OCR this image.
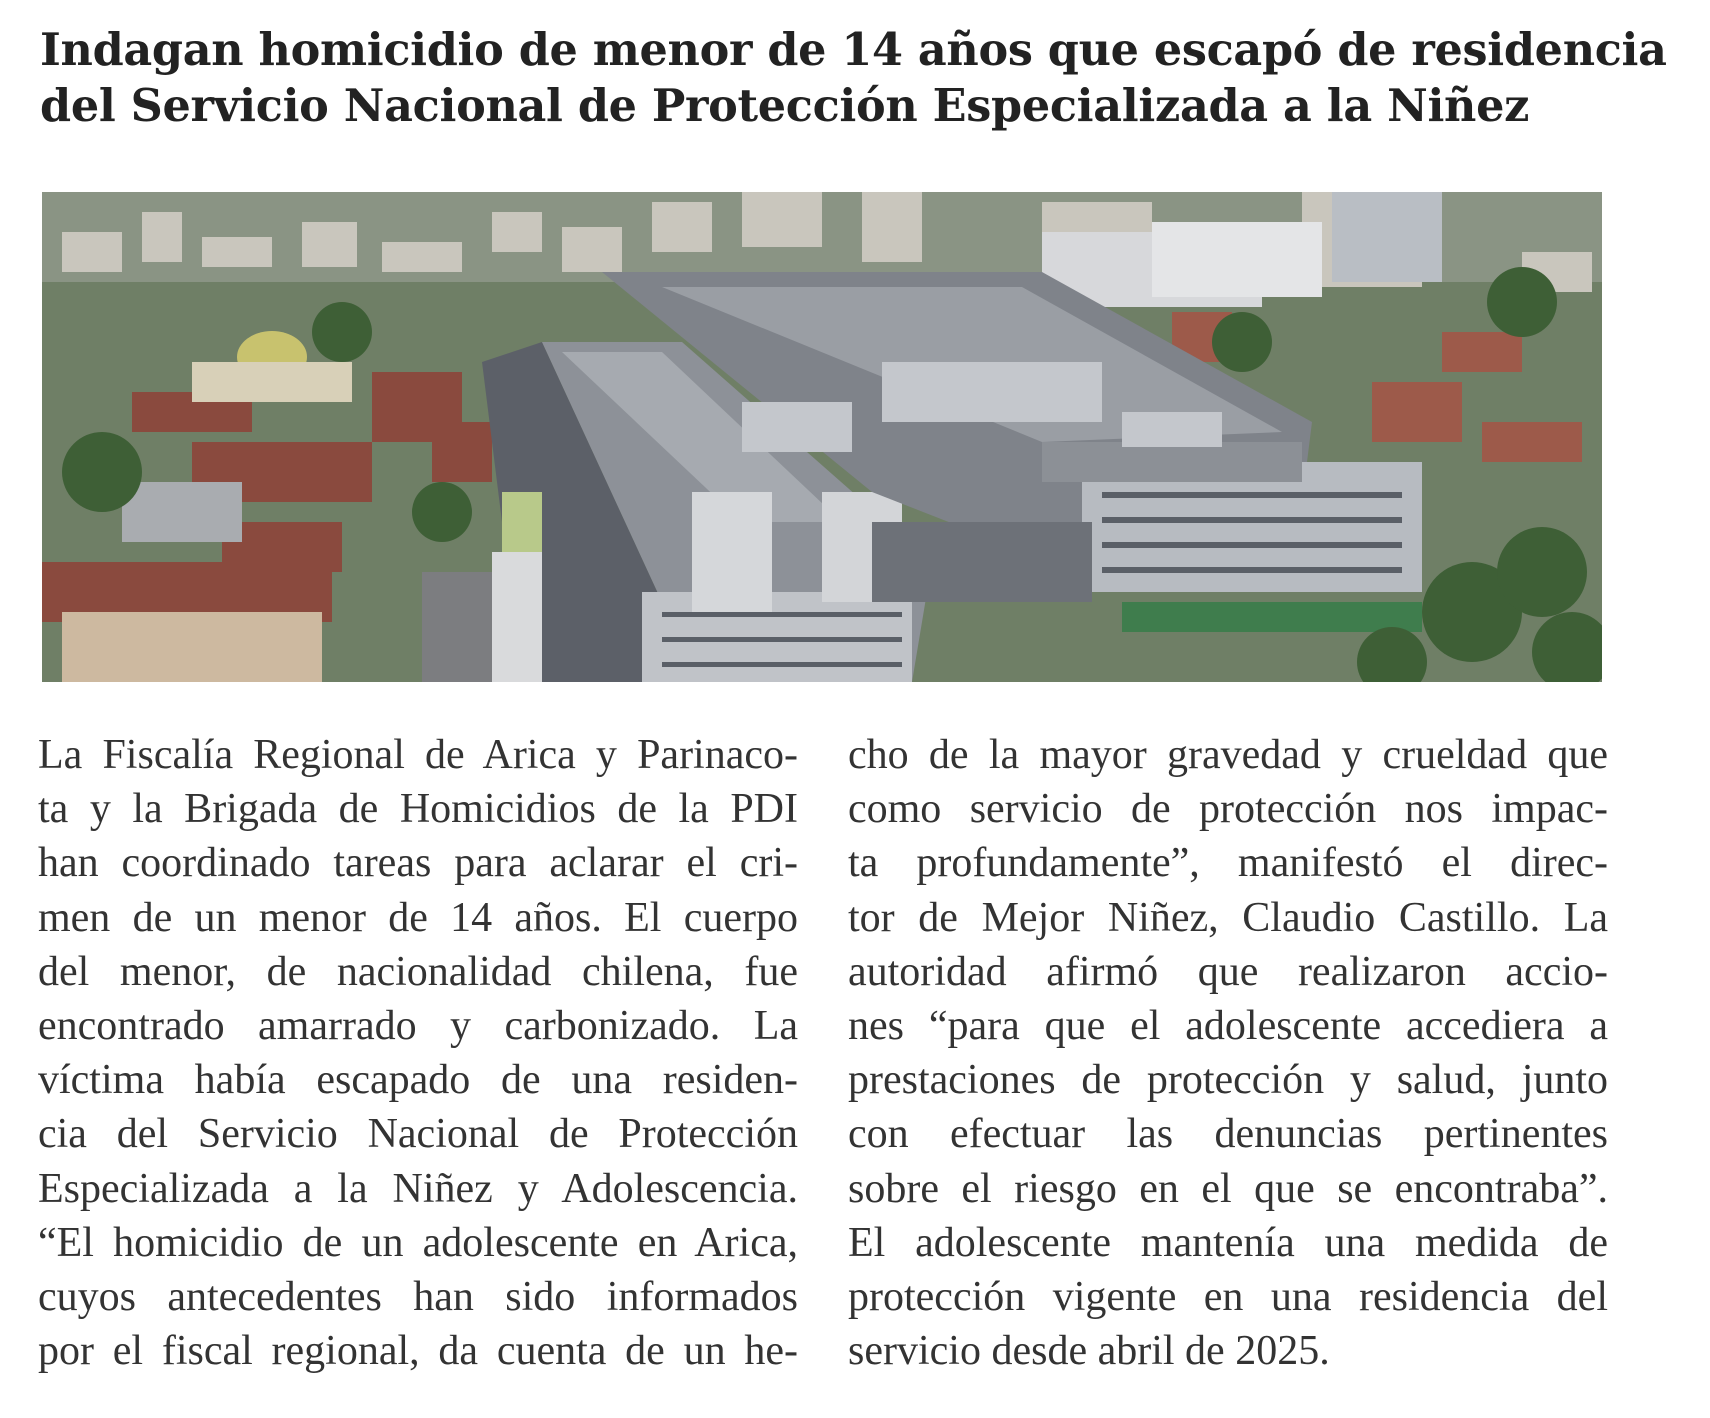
Indagan homicidio de menor de 14 años que escapó de residencia
del Servicio Nacional de Protección Especializada a la Niñez
La Fiscalía Regional de Arica y Parinaco-
ta y la Brigada de Homicidios de la PDI
han coordinado tareas para aclarar el cri-
men de un menor de 14 años. El cuerpo
del menor, de nacionalidad chilena, fue
encontrado amarrado y carbonizado. La
víctima había escapado de una residen-
cia del Servicio Nacional de Protección
Especializada a la Niñez y Adolescencia.
“El homicidio de un adolescente en Arica,
cuyos antecedentes han sido informados
por el fiscal regional, da cuenta de un he-
cho de la mayor gravedad y crueldad que
como servicio de protección nos impac-
ta profundamente”, manifestó el direc-
tor de Mejor Niñez, Claudio Castillo. La
autoridad afirmó que realizaron accio-
nes “para que el adolescente accediera a
prestaciones de protección y salud, junto
con efectuar las denuncias pertinentes
sobre el riesgo en el que se encontraba”.
El adolescente mantenía una medida de
protección vigente en una residencia del
servicio desde abril de 2025.
